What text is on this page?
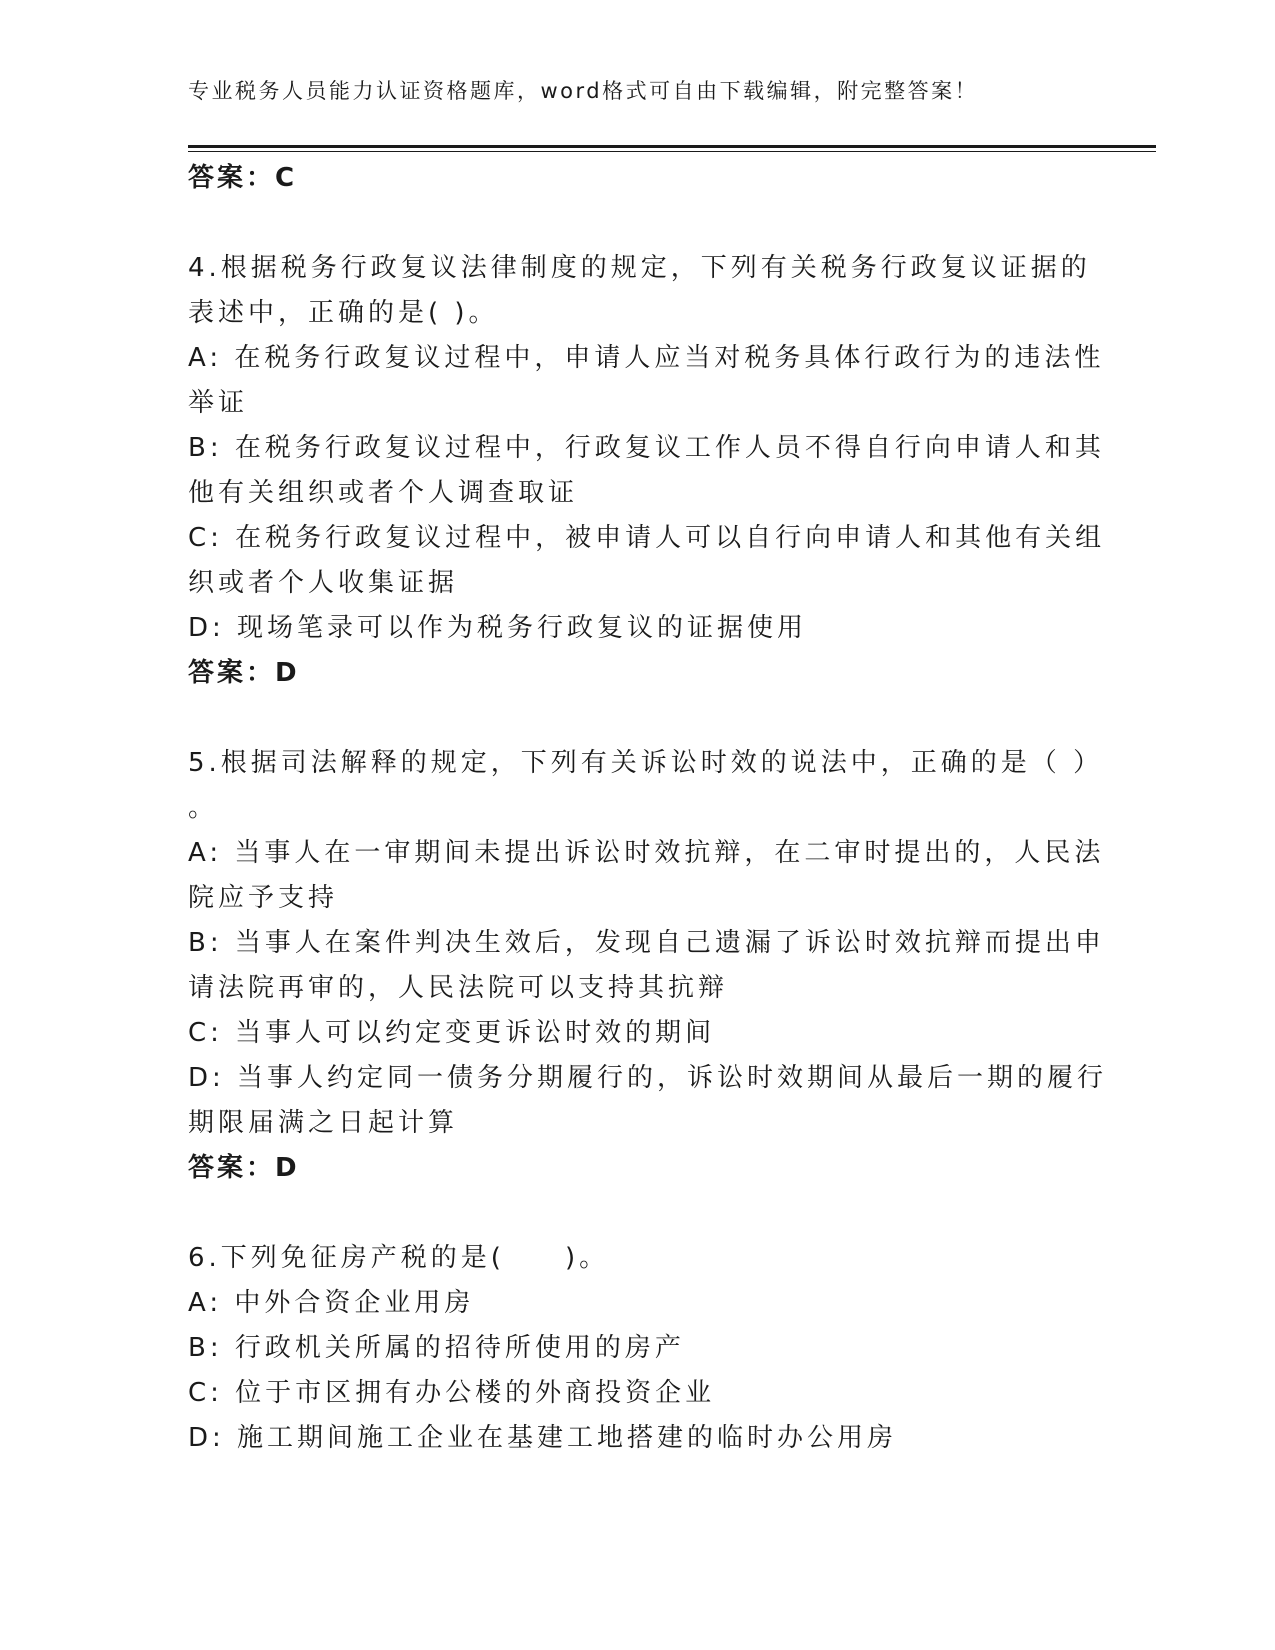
专业税务人员能力认证资格题库，word格式可自由下载编辑，附完整答案！
答案：C
4.根据税务行政复议法律制度的规定，下列有关税务行政复议证据的
表述中，正确的是( )。
A: 在税务行政复议过程中，申请人应当对税务具体行政行为的违法性
举证
B: 在税务行政复议过程中，行政复议工作人员不得自行向申请人和其
他有关组织或者个人调查取证
C: 在税务行政复议过程中，被申请人可以自行向申请人和其他有关组
织或者个人收集证据
D: 现场笔录可以作为税务行政复议的证据使用
答案：D
5.根据司法解释的规定，下列有关诉讼时效的说法中，正确的是（ ）
。
A: 当事人在一审期间未提出诉讼时效抗辩，在二审时提出的，人民法
院应予支持
B: 当事人在案件判决生效后，发现自己遗漏了诉讼时效抗辩而提出申
请法院再审的，人民法院可以支持其抗辩
C: 当事人可以约定变更诉讼时效的期间
D: 当事人约定同一债务分期履行的，诉讼时效期间从最后一期的履行
期限届满之日起计算
答案：D
6.下列免征房产税的是(　　)。
A: 中外合资企业用房
B: 行政机关所属的招待所使用的房产
C: 位于市区拥有办公楼的外商投资企业
D: 施工期间施工企业在基建工地搭建的临时办公用房
